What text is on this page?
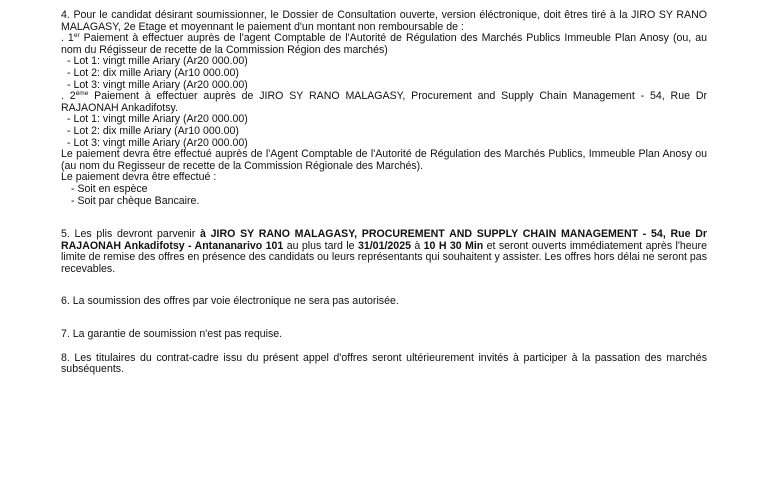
4. Pour le candidat désirant soumissionner, le Dossier de Consultation ouverte, version éléctronique, doit êtres tiré à la JIRO SY RANO MALAGASY, 2e Etage et moyennant le paiement d'un montant non remboursable de :

. 1er Paiement à effectuer auprès de l'agent Comptable de l'Autorité de Régulation des Marchés Publics Immeuble Plan Anosy (ou, au nom du Régisseur de recette de la Commission Région des marchés)

- Lot 1: vingt mille Ariary (Ar20 000.00)

- Lot 2: dix mille Ariary (Ar10 000.00)

- Lot 3: vingt mille Ariary (Ar20 000.00)

. 2ème Paiement à effectuer auprès de JIRO SY RANO MALAGASY, Procurement and Supply Chain Management - 54, Rue Dr RAJAONAH Ankadifotsy.

- Lot 1: vingt mille Ariary (Ar20 000.00)

- Lot 2: dix mille Ariary (Ar10 000.00)

- Lot 3: vingt mille Ariary (Ar20 000.00)

Le paiement devra être effectué auprès de l'Agent Comptable de l'Autorité de Régulation des Marchés Publics, Immeuble Plan Anosy ou (au nom du Regisseur de recette de la Commission Régionale des Marchés).

Le paiement devra être effectué :

- Soit en espèce

- Soit par chèque Bancaire.

5. Les plis devront parvenir à JIRO SY RANO MALAGASY, PROCUREMENT AND SUPPLY CHAIN MANAGEMENT - 54, Rue Dr RAJAONAH Ankadifotsy - Antananarivo 101 au plus tard le 31/01/2025 à 10 H 30 Min et seront ouverts immédiatement après l'heure limite de remise des offres en présence des candidats ou leurs représentants qui souhaitent y assister. Les offres hors délai ne seront pas recevables.

6. La soumission des offres par voie électronique ne sera pas autorisée.

7. La garantie de soumission n'est pas requise.

8. Les titulaires du contrat-cadre issu du présent appel d'offres seront ultérieurement invités à participer à la passation des marchés subséquents.
